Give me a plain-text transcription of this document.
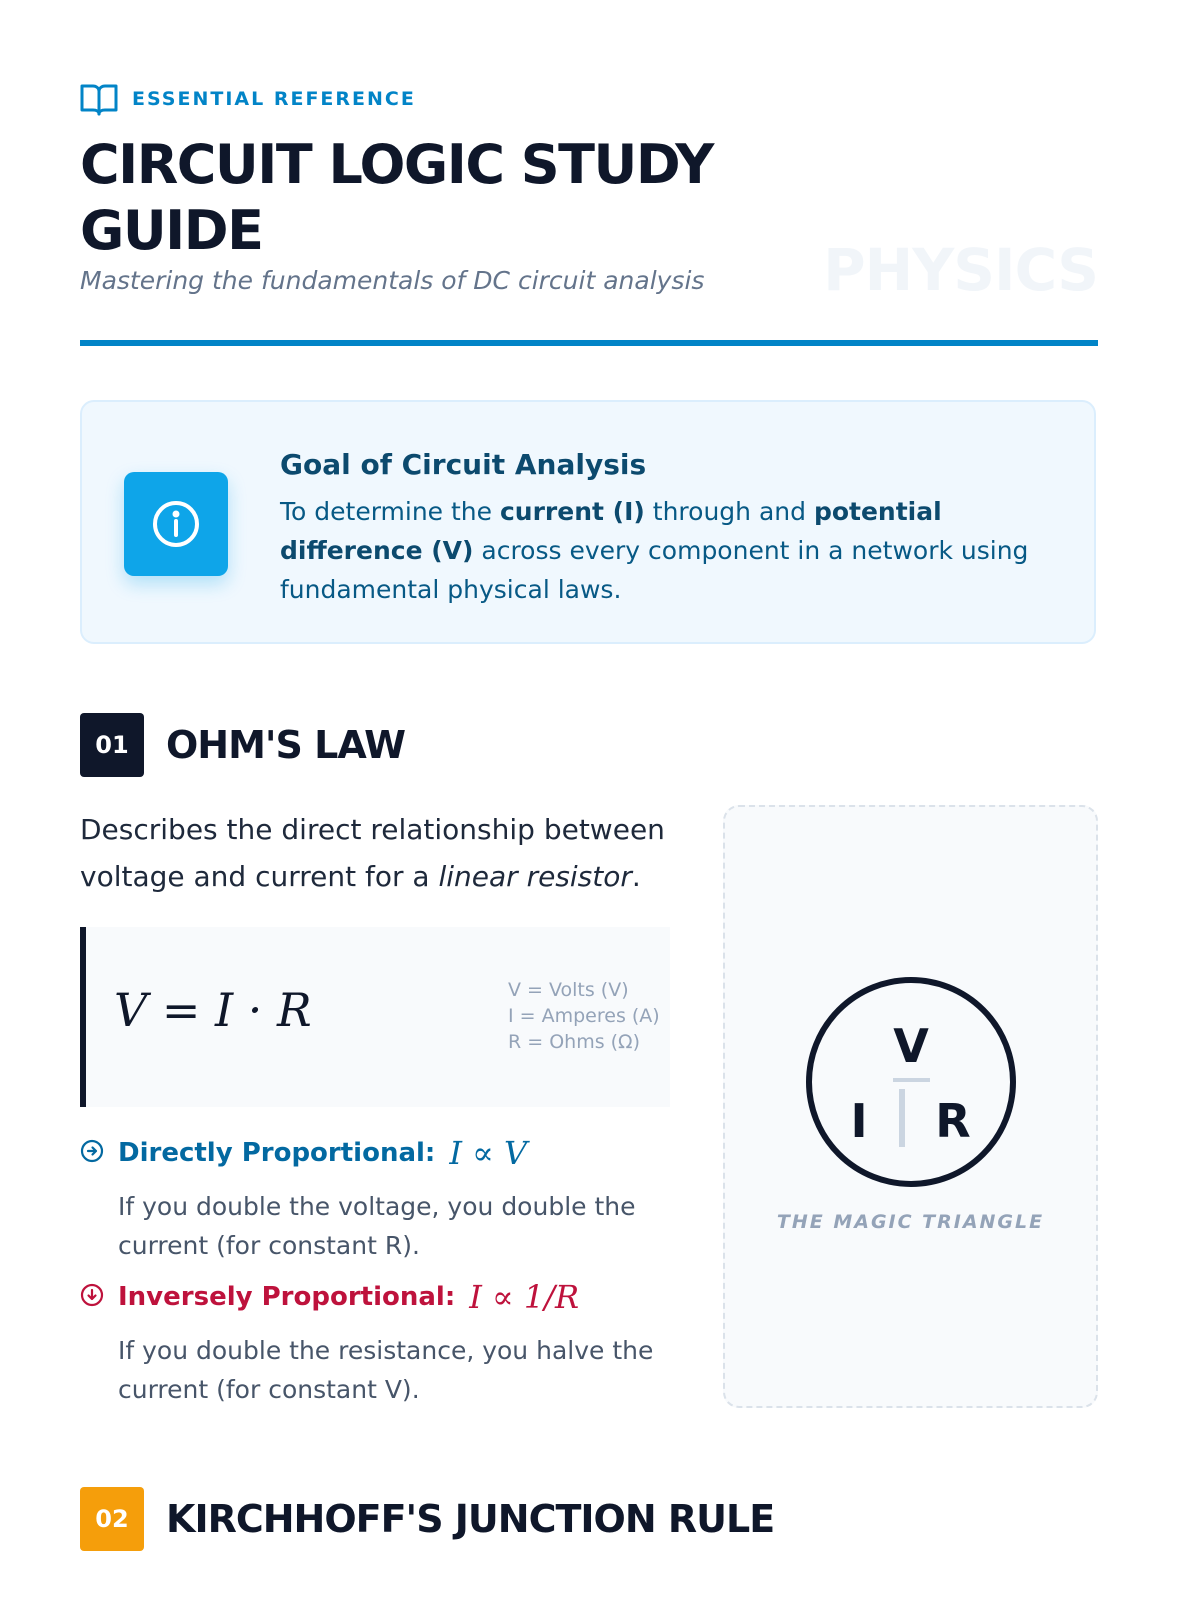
ESSENTIAL REFERENCE
CIRCUIT LOGIC STUDY GUIDE

Mastering the fundamentals of DC circuit analysis PHYSICS
Goal of Circuit Analysis

To determine the current (I) through and potential difference (V) across every component in a network using fundamental physical laws.

01 OHM'S LAW

Describes the direct relationship between voltage and current for a linear resistor.

V = I · R	V = Volts (V)
I = Amperes (A)
R = Ohms (Ω)
Directly Proportional: I ∝ V

If you double the voltage, you double the current (for constant R).

Inversely Proportional: I ∝ 1/R

If you double the resistance, you halve the current (for constant V).

V
I R
THE MAGIC TRIANGLE
02 KIRCHHOFF'S JUNCTION RULE
